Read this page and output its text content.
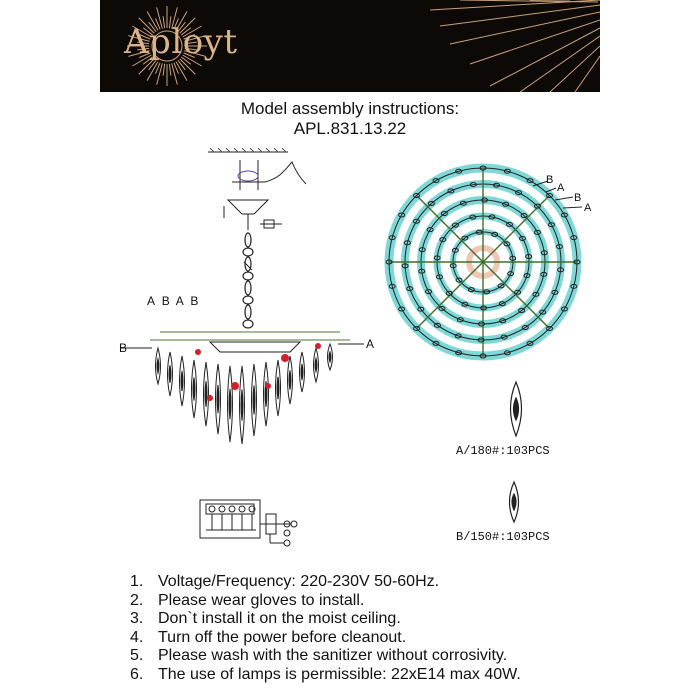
Aployt
Model assembly instructions:
APL.831.13.22
A B A B
B	A
B
A
B
A
A/180#:103PCS
B/150#:103PCS
1. Voltage/Frequency: 220-230V 50-60Hz.
2. Please wear gloves to install.
3. Don`t install it on the moist ceiling.
4. Turn off the power before cleanout.
5. Please wash with the sanitizer without corrosivity.
6. The use of lamps is permissible: 22xE14 max 40W.
